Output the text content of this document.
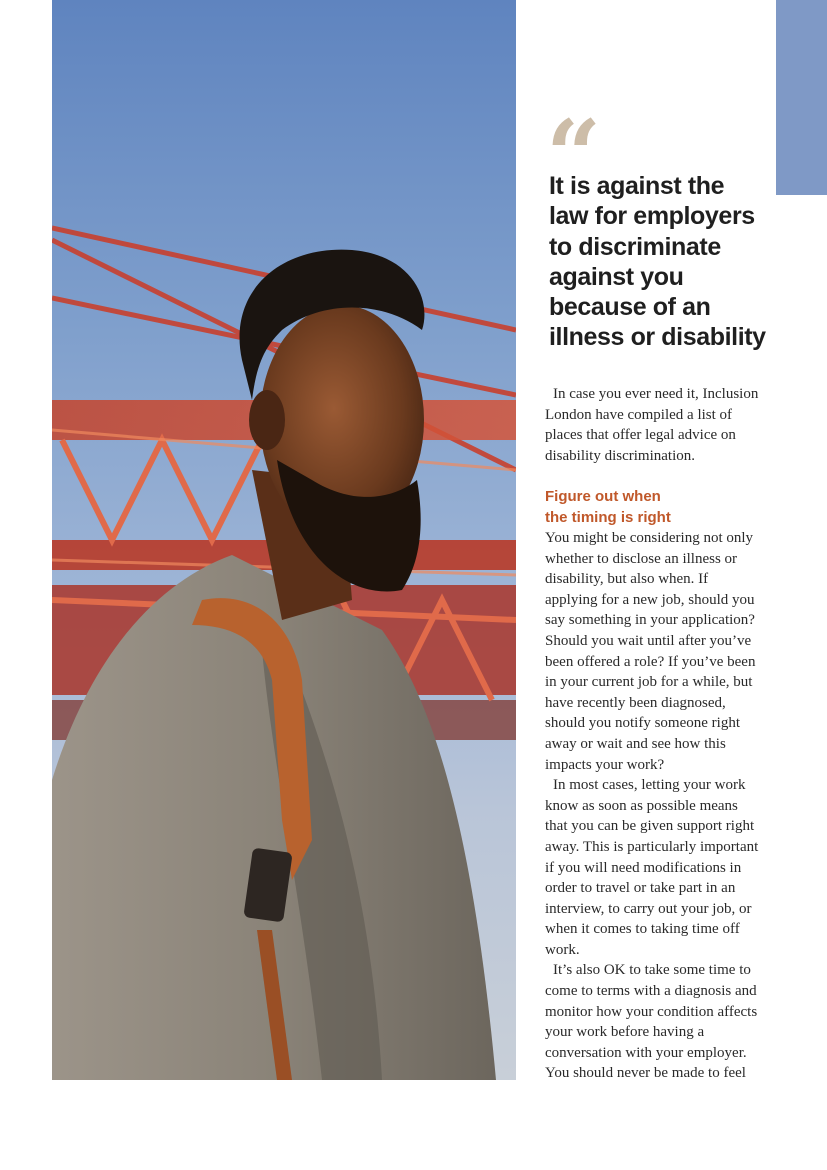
“

It is against the law for employers to discriminate against you because of an illness or disability

In case you ever need it, Inclusion London have compiled a list of places that offer legal advice on disability discrimination.

Figure out when the timing is right

You might be considering not only whether to disclose an illness or disability, but also when. If applying for a new job, should you say something in your application? Should you wait until after you’ve been offered a role? If you’ve been in your current job for a while, but have recently been diagnosed, should you notify someone right away or wait and see how this impacts your work?

In most cases, letting your work know as soon as possible means that you can be given support right away. This is particularly important if you will need modifications in order to travel or take part in an interview, to carry out your job, or when it comes to taking time off work.

It’s also OK to take some time to come to terms with a diagnosis and monitor how your condition affects your work before having a conversation with your employer. You should never be made to feel
